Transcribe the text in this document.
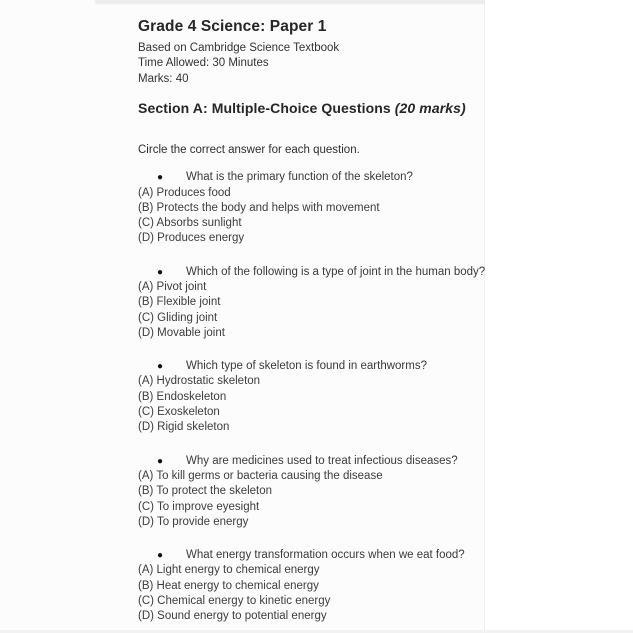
Grade 4 Science: Paper 1
Based on Cambridge Science Textbook
Time Allowed: 30 Minutes
Marks: 40
Section A: Multiple-Choice Questions (20 marks)
Circle the correct answer for each question.
● What is the primary function of the skeleton?
(A) Produces food
(B) Protects the body and helps with movement
(C) Absorbs sunlight
(D) Produces energy
● Which of the following is a type of joint in the human body?
(A) Pivot joint
(B) Flexible joint
(C) Gliding joint
(D) Movable joint
● Which type of skeleton is found in earthworms?
(A) Hydrostatic skeleton
(B) Endoskeleton
(C) Exoskeleton
(D) Rigid skeleton
● Why are medicines used to treat infectious diseases?
(A) To kill germs or bacteria causing the disease
(B) To protect the skeleton
(C) To improve eyesight
(D) To provide energy
● What energy transformation occurs when we eat food?
(A) Light energy to chemical energy
(B) Heat energy to chemical energy
(C) Chemical energy to kinetic energy
(D) Sound energy to potential energy
